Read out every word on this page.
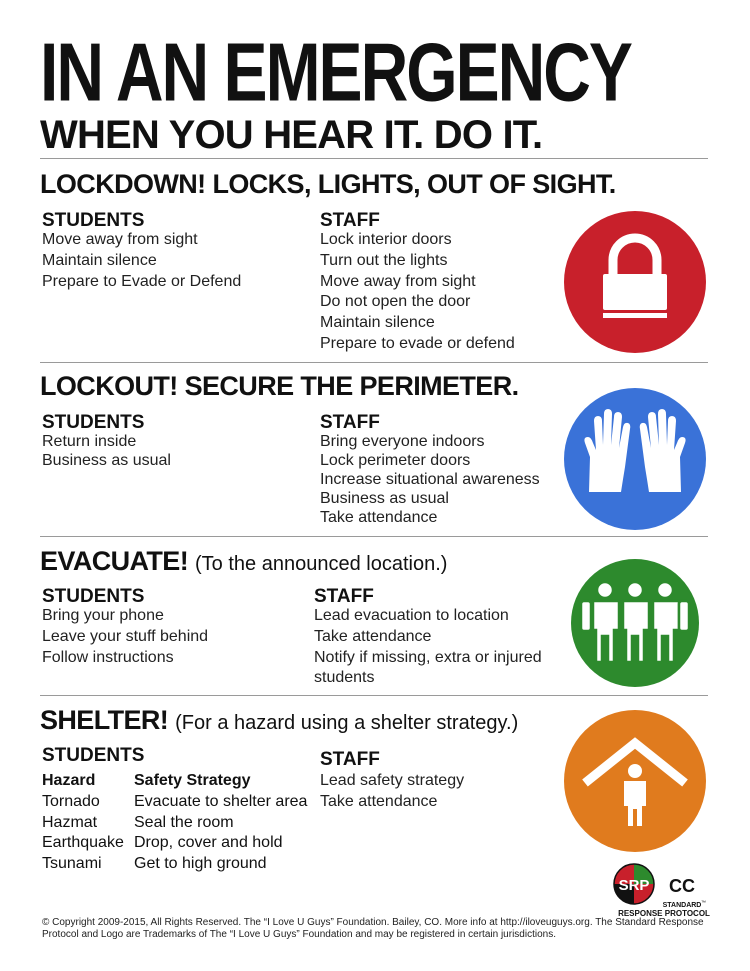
IN AN EMERGENCY
WHEN YOU HEAR IT. DO IT.
LOCKDOWN! LOCKS, LIGHTS, OUT OF SIGHT.
STUDENTS
Move away from sight
Maintain silence
Prepare to Evade or Defend
STAFF
Lock interior doors
Turn out the lights
Move away from sight
Do not open the door
Maintain silence
Prepare to evade or defend
LOCKOUT! SECURE THE PERIMETER.
STUDENTS
Return inside
Business as usual
STAFF
Bring everyone indoors
Lock perimeter doors
Increase situational awareness
Business as usual
Take attendance
EVACUATE! (To the announced location.)
STUDENTS
Bring your phone
Leave your stuff behind
Follow instructions
STAFF
Lead evacuation to location
Take attendance
Notify if missing, extra or injured
students
SHELTER! (For a hazard using a shelter strategy.)
STUDENTS
Hazard	Safety Strategy
Tornado	Evacuate to shelter area
Hazmat	Seal the room
Earthquake Drop, cover and hold
Tsunami	Get to high ground
STAFF
Lead safety strategy
Take attendance
SRP CC
STANDARD ™
RESPONSE PROTOCOL
© Copyright 2009-2015, All Rights Reserved. The “I Love U Guys” Foundation. Bailey, CO. More info at http://iloveuguys.org. The Standard Response Protocol and Logo are Trademarks of The “I Love U Guys” Foundation and may be registered in certain jurisdictions.
